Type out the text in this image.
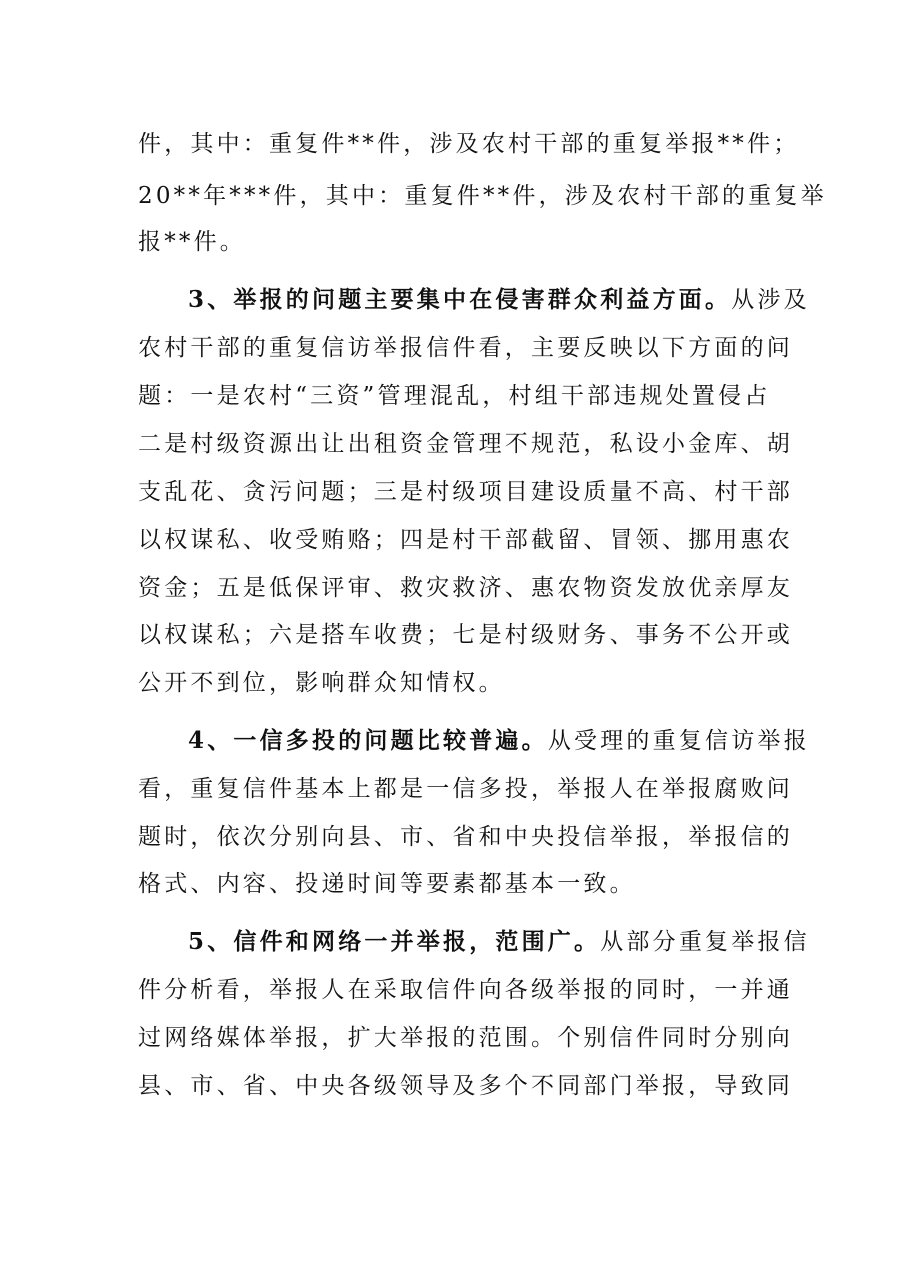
件，其中：重复件**件，涉及农村干部的重复举报**件；
20**年***件，其中：重复件**件，涉及农村干部的重复举
报**件。
3、举报的问题主要集中在侵害群众利益方面。从涉及
农村干部的重复信访举报信件看，主要反映以下方面的问
题：一是农村“三资”管理混乱，村组干部违规处置侵占
二是村级资源出让出租资金管理不规范，私设小金库、胡
支乱花、贪污问题；三是村级项目建设质量不高、村干部
以权谋私、收受贿赂；四是村干部截留、冒领、挪用惠农
资金；五是低保评审、救灾救济、惠农物资发放优亲厚友
以权谋私；六是搭车收费；七是村级财务、事务不公开或
公开不到位，影响群众知情权。
4、一信多投的问题比较普遍。从受理的重复信访举报
看，重复信件基本上都是一信多投，举报人在举报腐败问
题时，依次分别向县、市、省和中央投信举报，举报信的
格式、内容、投递时间等要素都基本一致。
5、信件和网络一并举报，范围广。从部分重复举报信
件分析看，举报人在采取信件向各级举报的同时，一并通
过网络媒体举报，扩大举报的范围。个别信件同时分别向
县、市、省、中央各级领导及多个不同部门举报，导致同
